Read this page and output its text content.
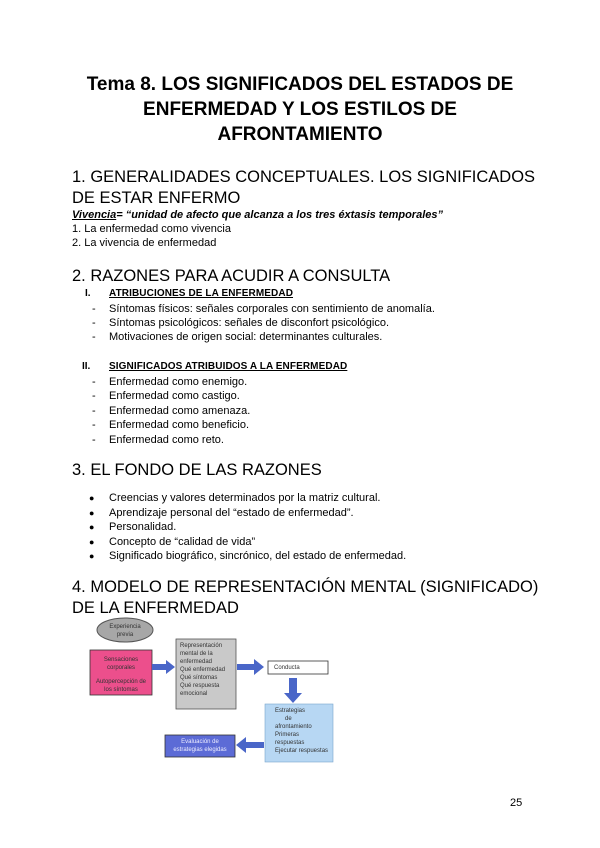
Tema 8. LOS SIGNIFICADOS DEL ESTADOS DE
ENFERMEDAD Y LOS ESTILOS DE
AFRONTAMIENTO
1. GENERALIDADES CONCEPTUALES. LOS SIGNIFICADOS
DE ESTAR ENFERMO
Vivencia= “unidad de afecto que alcanza a los tres éxtasis temporales”
1. La enfermedad como vivencia
2. La vivencia de enfermedad
2. RAZONES PARA ACUDIR A CONSULTA
I. ATRIBUCIONES DE LA ENFERMEDAD
- Síntomas físicos: señales corporales con sentimiento de anomalía.
- Síntomas psicológicos: señales de disconfort psicológico.
- Motivaciones de origen social: determinantes culturales.
II. SIGNIFICADOS ATRIBUIDOS A LA ENFERMEDAD
- Enfermedad como enemigo.
- Enfermedad como castigo.
- Enfermedad como amenaza.
- Enfermedad como beneficio.
- Enfermedad como reto.
3. EL FONDO DE LAS RAZONES
● Creencias y valores determinados por la matriz cultural.
● Aprendizaje personal del “estado de enfermedad”.
● Personalidad.
● Concepto de “calidad de vida”
● Significado biográfico, sincrónico, del estado de enfermedad.
4. MODELO DE REPRESENTACIÓN MENTAL (SIGNIFICADO)
DE LA ENFERMEDAD
Experiencia
previa
Sensaciones
corporales
Autopercepción de
los síntomas
Representación
mental de la
enfermedad
Qué enfermedad
Qué síntomas
Qué respuesta
emocional
Conducta
Estrategias
de
afrontamiento
Primeras
respuestas
Ejecutar respuestas
Evaluación de
estrategias elegidas
25
